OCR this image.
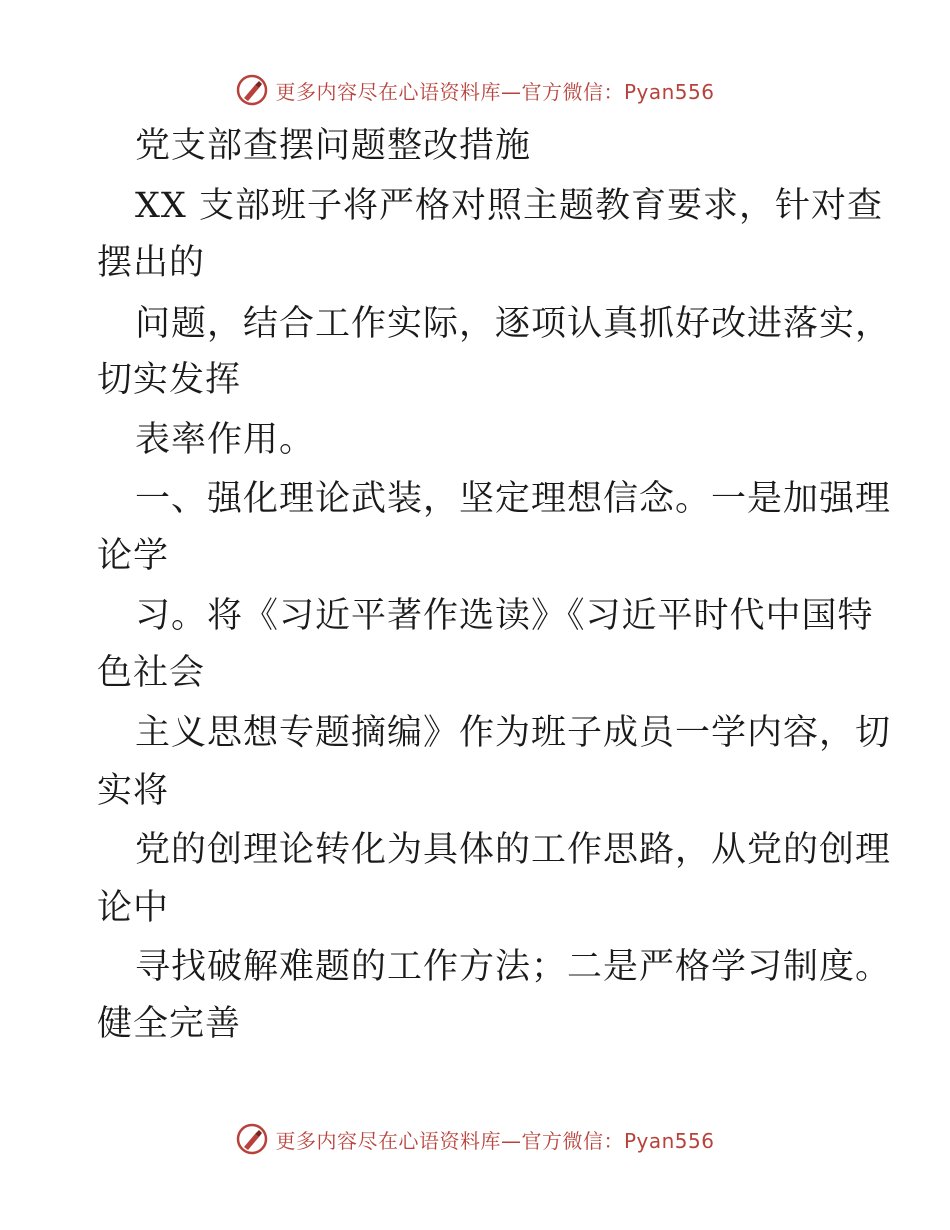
更多内容尽在心语资料库—官方微信：Pyan556
党支部查摆问题整改措施
XX 支部班子将严格对照主题教育要求，针对查
摆出的
问题，结合工作实际，逐项认真抓好改进落实，
切实发挥
表率作用。
一、强化理论武装，坚定理想信念。一是加强理
论学
习。将《习近平著作选读》《习近平时代中国特
色社会
主义思想专题摘编》作为班子成员一学内容，切
实将
党的创理论转化为具体的工作思路，从党的创理
论中
寻找破解难题的工作方法；二是严格学习制度。
健全完善
更多内容尽在心语资料库—官方微信：Pyan556
